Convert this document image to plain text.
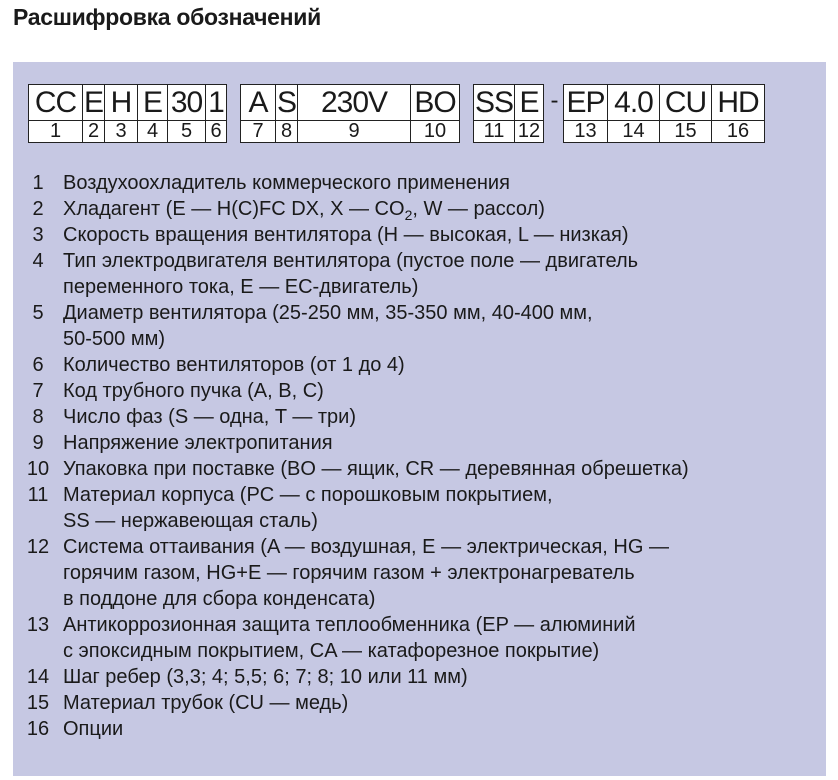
Расшифровка обозначений
CC
1
E
2
H
3
E
4
30
5
1
6
A
7
S
8
230V
9
BO
10
SS
11
E
12
- EP
13
4.0
14
CU
15
HD
16
1 Воздухоохладитель коммерческого применения
2 Хладагент (E — H(C)FC DX, X — $CO_2$, W — рассол)
3 Скорость вращения вентилятора (H — высокая, L — низкая)
4 Тип электродвигателя вентилятора (пустое поле — двигатель
переменного тока, E — EC-двигатель)
5 Диаметр вентилятора (25-250 мм, 35-350 мм, 40-400 мм,
50-500 мм)
6 Количество вентиляторов (от 1 до 4)
7 Код трубного пучка (A, B, C)
8 Число фаз (S — одна, T — три)
9 Напряжение электропитания
10 Упаковка при поставке (BO — ящик, CR — деревянная обрешетка)
11 Материал корпуса (PC — с порошковым покрытием,
SS — нержавеющая сталь)
12 Система оттаивания (A — воздушная, E — электрическая, HG —
горячим газом, HG+E — горячим газом + электронагреватель
в поддоне для сбора конденсата)
13 Антикоррозионная защита теплообменника (EP — алюминий
с эпоксидным покрытием, CA — катафорезное покрытие)
14 Шаг ребер (3,3; 4; 5,5; 6; 7; 8; 10 или 11 мм)
15 Материал трубок (CU — медь)
16 Опции
